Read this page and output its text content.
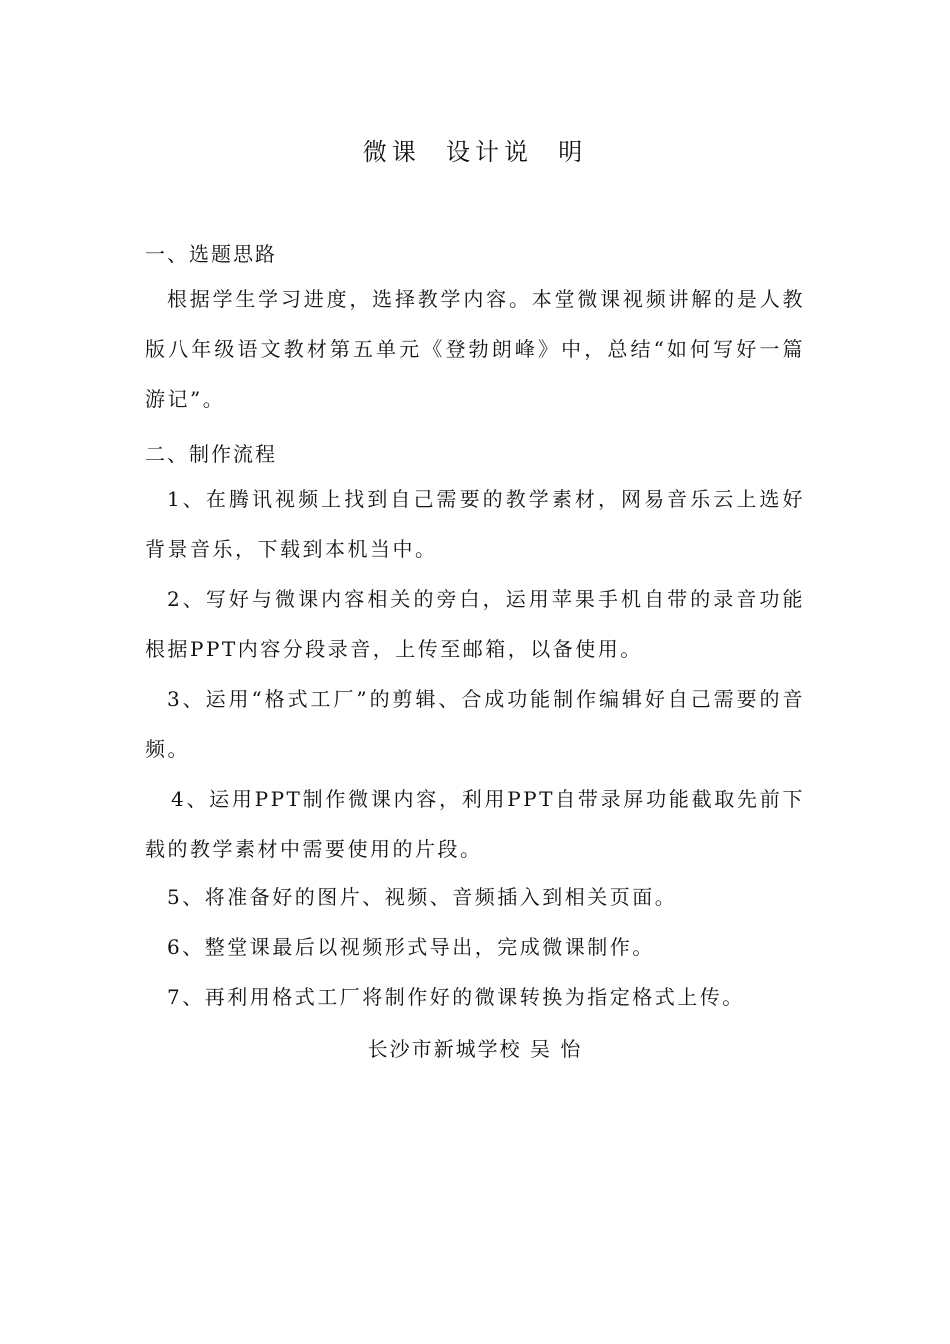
微课  设计说  明
一、选题思路
根据学生学习进度，选择教学内容。本堂微课视频讲解的是人教版八年级语文教材第五单元《登勃朗峰》中，总结“如何写好一篇游记”。
二、制作流程
1、在腾讯视频上找到自己需要的教学素材，网易音乐云上选好背景音乐，下载到本机当中。
2、写好与微课内容相关的旁白，运用苹果手机自带的录音功能根据PPT内容分段录音，上传至邮箱，以备使用。
3、运用“格式工厂”的剪辑、合成功能制作编辑好自己需要的音频。
4、运用PPT制作微课内容，利用PPT自带录屏功能截取先前下载的教学素材中需要使用的片段。
5、将准备好的图片、视频、音频插入到相关页面。
6、整堂课最后以视频形式导出，完成微课制作。
7、再利用格式工厂将制作好的微课转换为指定格式上传。
长沙市新城学校 吴 怡
